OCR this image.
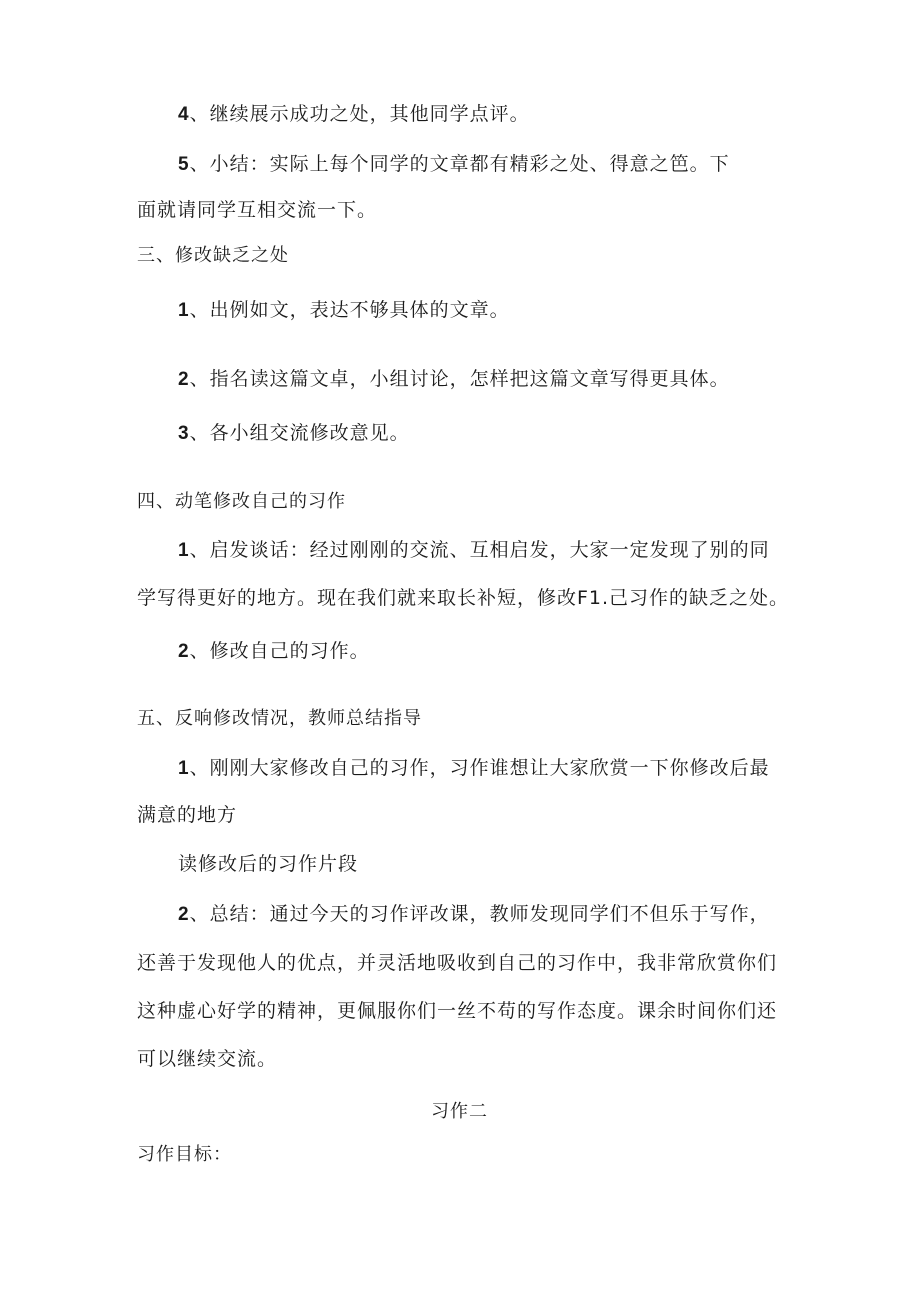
4、继续展示成功之处，其他同学点评。
5、小结：实际上每个同学的文章都有精彩之处、得意之笆。下
面就请同学互相交流一下。
三、修改缺乏之处
1、出例如文，表达不够具体的文章。
2、指名读这篇文卓，小组讨论，怎样把这篇文章写得更具体。
3、各小组交流修改意见。
四、动笔修改自己的习作
1、启发谈话：经过刚刚的交流、互相启发，大家一定发现了别的同
学写得更好的地方。现在我们就来取长补短，修改F1.己习作的缺乏之处。
2、修改自己的习作。
五、反响修改情况，教师总结指导
1、刚刚大家修改自己的习作，习作谁想让大家欣赏一下你修改后最
满意的地方
读修改后的习作片段
2、总结：通过今天的习作评改课，教师发现同学们不但乐于写作，
还善于发现他人的优点，并灵活地吸收到自己的习作中，我非常欣赏你们
这种虚心好学的精神，更佩服你们一丝不苟的写作态度。课余时间你们还
可以继续交流。
习作二
习作目标：
